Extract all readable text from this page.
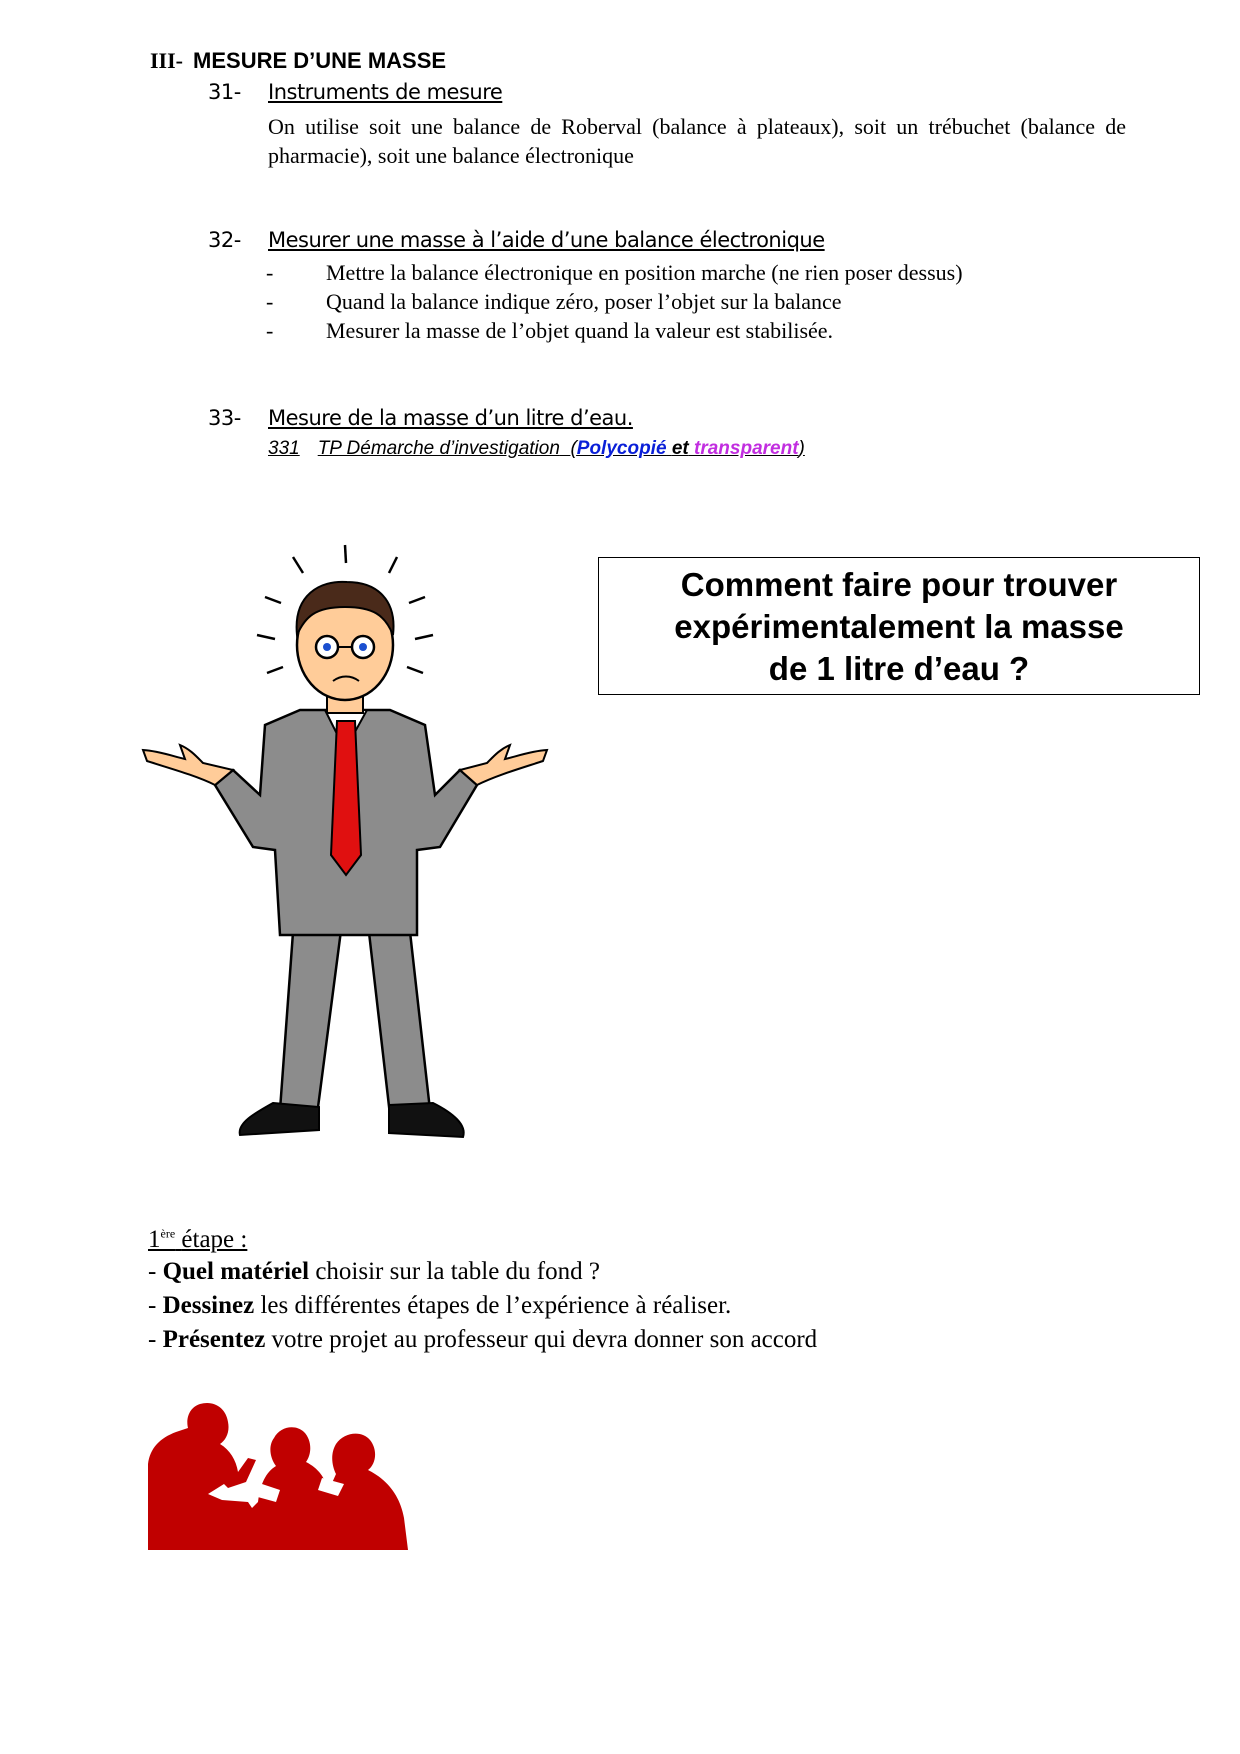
III- MESURE D’UNE MASSE
31- Instruments de mesure
On utilise soit une balance de Roberval (balance à plateaux), soit un trébuchet (balance de pharmacie), soit une balance électronique
32- Mesurer une masse à l’aide d’une balance électronique
- Mettre la balance électronique en position marche (ne rien poser dessus)
- Quand la balance indique zéro, poser l’objet sur la balance
- Mesurer la masse de l’objet quand la valeur est stabilisée.
33- Mesure de la masse d’un litre d’eau.
331 TP Démarche d’investigation (Polycopié et transparent)
Comment faire pour trouver
expérimentalement la masse
de 1 litre d’eau ?
1ère étape :
- Quel matériel choisir sur la table du fond ?
- Dessinez les différentes étapes de l’expérience à réaliser.
- Présentez votre projet au professeur qui devra donner son accord
